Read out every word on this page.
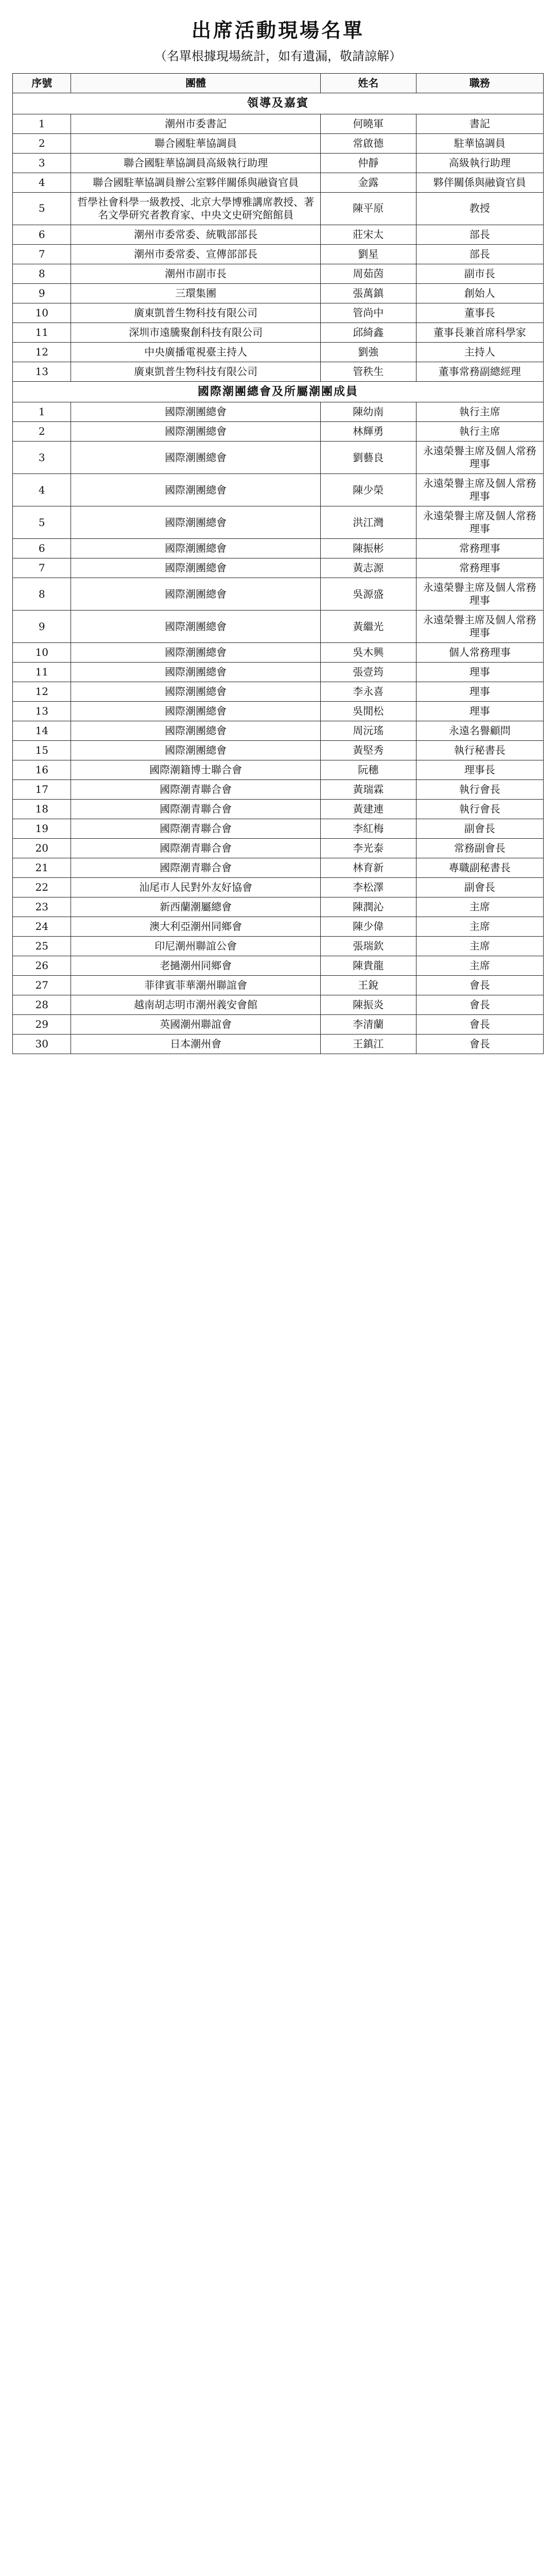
出席活動現場名單
（名單根據現場統計，如有遺漏，敬請諒解）
序號	團體	姓名	職務
領導及嘉賓			
1	潮州市委書記	何曉軍	書記
2	聯合國駐華協調員	常啟德	駐華協調員
3	聯合國駐華協調員高級執行助理	仲靜	高級執行助理
4	聯合國駐華協調員辦公室夥伴關係與融資官員	金露	夥伴關係與融資官員
5	哲學社會科學一級教授、北京大學博雅講席教授、著名文學研究者教育家、中央文史研究館館員	陳平原	教授
6	潮州市委常委、統戰部部長	莊宋太	部長
7	潮州市委常委、宣傳部部長	劉星	部長
8	潮州市副市長	周茹茵	副市長
9	三環集團	張萬鎮	創始人
10	廣東凱普生物科技有限公司	管尚中	董事長
11	深圳市遠騰聚創科技有限公司	邱綺鑫	董事長兼首席科學家
12	中央廣播電視臺主持人	劉強	主持人
13	廣東凱普生物科技有限公司	管秩生	董事常務副總經理
國際潮團總會及所屬潮團成員			
1	國際潮團總會	陳幼南	執行主席
2	國際潮團總會	林輝勇	執行主席
3	國際潮團總會	劉藝良	永遠榮譽主席及個人常務理事
4	國際潮團總會	陳少榮	永遠榮譽主席及個人常務理事
5	國際潮團總會	洪江灣	永遠榮譽主席及個人常務理事
6	國際潮團總會	陳振彬	常務理事
7	國際潮團總會	黃志源	常務理事
8	國際潮團總會	吳源盛	永遠榮譽主席及個人常務理事
9	國際潮團總會	黃繼光	永遠榮譽主席及個人常務理事
10	國際潮團總會	吳木興	個人常務理事
11	國際潮團總會	張壹筠	理事
12	國際潮團總會	李永喜	理事
13	國際潮團總會	吳閒松	理事
14	國際潮團總會	周沅瑤	永遠名譽顧問
15	國際潮團總會	黃堅秀	執行秘書長
16	國際潮籍博士聯合會	阮穗	理事長
17	國際潮青聯合會	黃瑞霖	執行會長
18	國際潮青聯合會	黃建連	執行會長
19	國際潮青聯合會	李紅梅	副會長
20	國際潮青聯合會	李光泰	常務副會長
21	國際潮青聯合會	林育新	專職副秘書長
22	汕尾市人民對外友好協會	李松澤	副會長
23	新西蘭潮屬總會	陳潤沁	主席
24	澳大利亞潮州同鄉會	陳少偉	主席
25	印尼潮州聯誼公會	張瑞欽	主席
26	老撾潮州同鄉會	陳貴龍	主席
27	菲律賓菲華潮州聯誼會	王銳	會長
28	越南胡志明市潮州義安會館	陳振炎	會長
29	英國潮州聯誼會	李清蘭	會長
30	日本潮州會	王鎮江	會長
